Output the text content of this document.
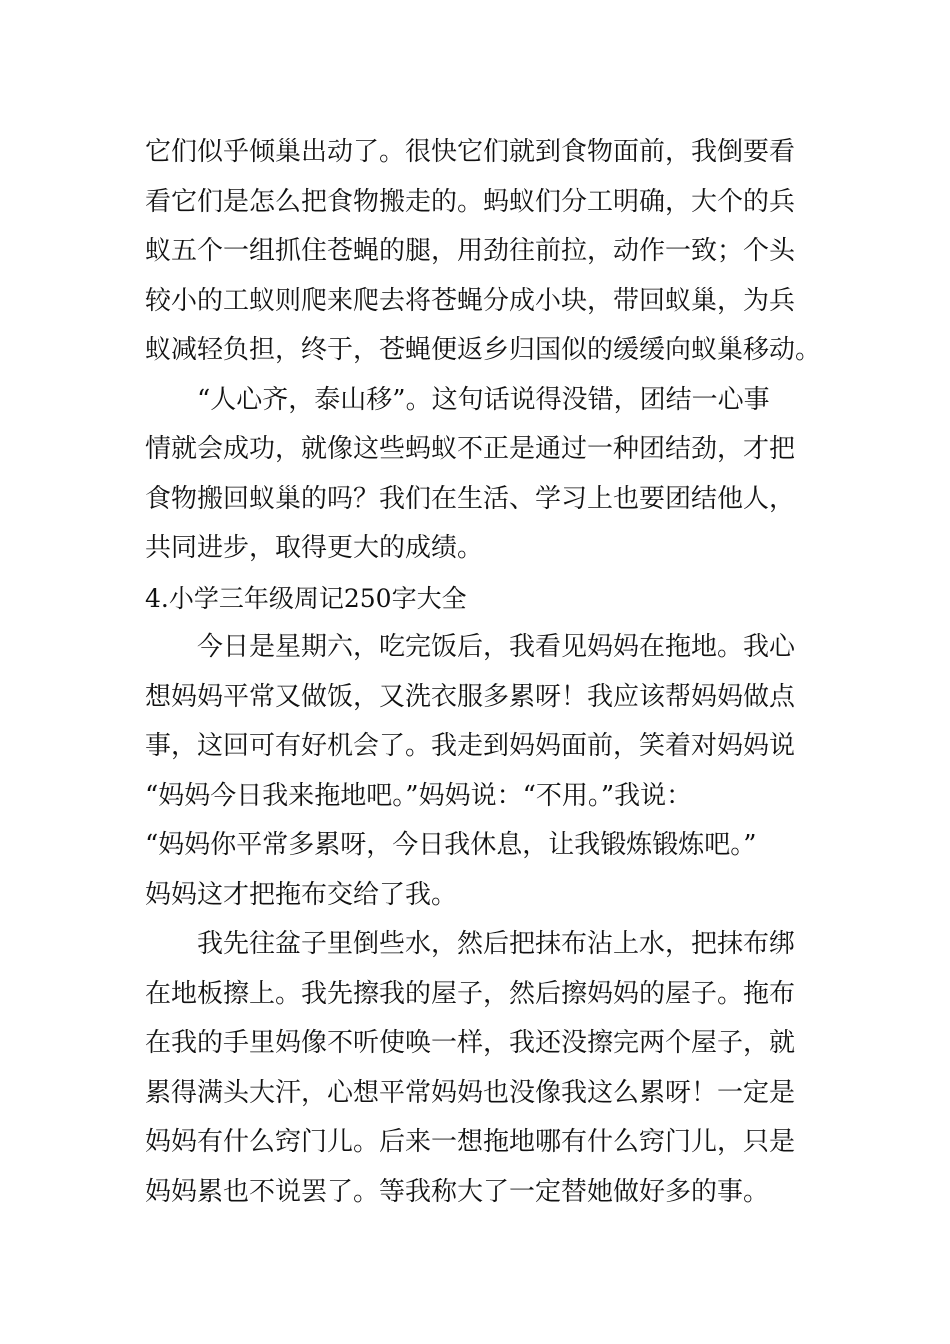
它们似乎倾巢出动了。很快它们就到食物面前，我倒要看
看它们是怎么把食物搬走的。蚂蚁们分工明确，大个的兵
蚁五个一组抓住苍蝇的腿，用劲往前拉，动作一致；个头
较小的工蚁则爬来爬去将苍蝇分成小块，带回蚁巢，为兵
蚁减轻负担，终于，苍蝇便返乡归国似的缓缓向蚁巢移动。
“人心齐，泰山移”。这句话说得没错，团结一心事
情就会成功，就像这些蚂蚁不正是通过一种团结劲，才把
食物搬回蚁巢的吗？我们在生活、学习上也要团结他人，
共同进步，取得更大的成绩。
4.小学三年级周记250字大全
今日是星期六，吃完饭后，我看见妈妈在拖地。我心
想妈妈平常又做饭，又洗衣服多累呀！我应该帮妈妈做点
事，这回可有好机会了。我走到妈妈面前，笑着对妈妈说
“妈妈今日我来拖地吧。”妈妈说：“不用。”我说：
“妈妈你平常多累呀，今日我休息，让我锻炼锻炼吧。”
妈妈这才把拖布交给了我。
我先往盆子里倒些水，然后把抹布沾上水，把抹布绑
在地板擦上。我先擦我的屋子，然后擦妈妈的屋子。拖布
在我的手里妈像不听使唤一样，我还没擦完两个屋子，就
累得满头大汗，心想平常妈妈也没像我这么累呀！一定是
妈妈有什么窍门儿。后来一想拖地哪有什么窍门儿，只是
妈妈累也不说罢了。等我称大了一定替她做好多的事。
